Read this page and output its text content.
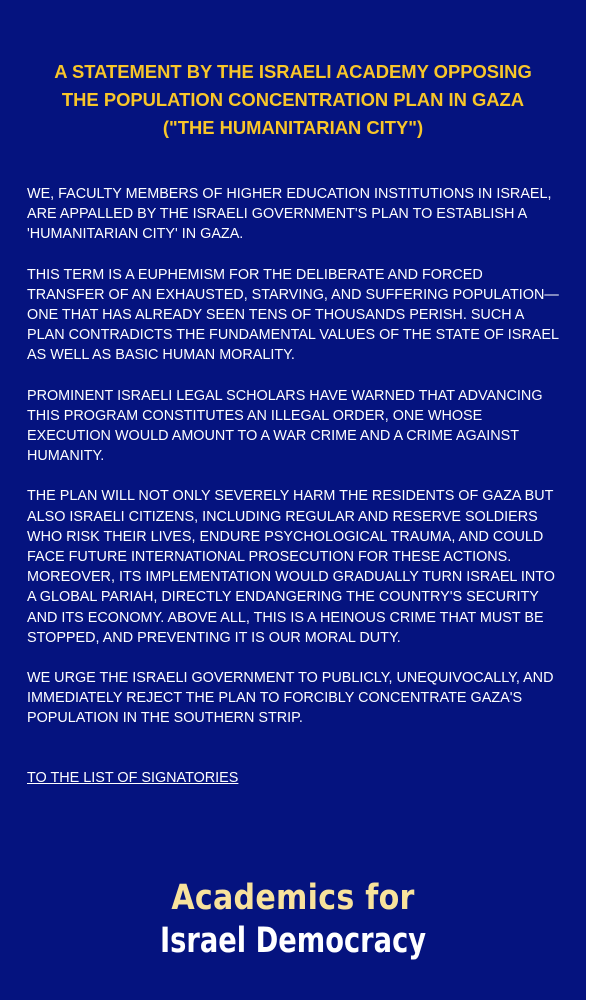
A STATEMENT BY THE ISRAELI ACADEMY OPPOSING
THE POPULATION CONCENTRATION PLAN IN GAZA
("THE HUMANITARIAN CITY")

WE, FACULTY MEMBERS OF HIGHER EDUCATION INSTITUTIONS IN ISRAEL,
ARE APPALLED BY THE ISRAELI GOVERNMENT'S PLAN TO ESTABLISH A
'HUMANITARIAN CITY' IN GAZA.

THIS TERM IS A EUPHEMISM FOR THE DELIBERATE AND FORCED
TRANSFER OF AN EXHAUSTED, STARVING, AND SUFFERING POPULATION—
ONE THAT HAS ALREADY SEEN TENS OF THOUSANDS PERISH. SUCH A
PLAN CONTRADICTS THE FUNDAMENTAL VALUES OF THE STATE OF ISRAEL
AS WELL AS BASIC HUMAN MORALITY.

PROMINENT ISRAELI LEGAL SCHOLARS HAVE WARNED THAT ADVANCING
THIS PROGRAM CONSTITUTES AN ILLEGAL ORDER, ONE WHOSE
EXECUTION WOULD AMOUNT TO A WAR CRIME AND A CRIME AGAINST
HUMANITY.

THE PLAN WILL NOT ONLY SEVERELY HARM THE RESIDENTS OF GAZA BUT
ALSO ISRAELI CITIZENS, INCLUDING REGULAR AND RESERVE SOLDIERS
WHO RISK THEIR LIVES, ENDURE PSYCHOLOGICAL TRAUMA, AND COULD
FACE FUTURE INTERNATIONAL PROSECUTION FOR THESE ACTIONS.
MOREOVER, ITS IMPLEMENTATION WOULD GRADUALLY TURN ISRAEL INTO
A GLOBAL PARIAH, DIRECTLY ENDANGERING THE COUNTRY'S SECURITY
AND ITS ECONOMY. ABOVE ALL, THIS IS A HEINOUS CRIME THAT MUST BE
STOPPED, AND PREVENTING IT IS OUR MORAL DUTY.

WE URGE THE ISRAELI GOVERNMENT TO PUBLICLY, UNEQUIVOCALLY, AND
IMMEDIATELY REJECT THE PLAN TO FORCIBLY CONCENTRATE GAZA'S
POPULATION IN THE SOUTHERN STRIP.

TO THE LIST OF SIGNATORIES
Academics for
Israel Democracy
